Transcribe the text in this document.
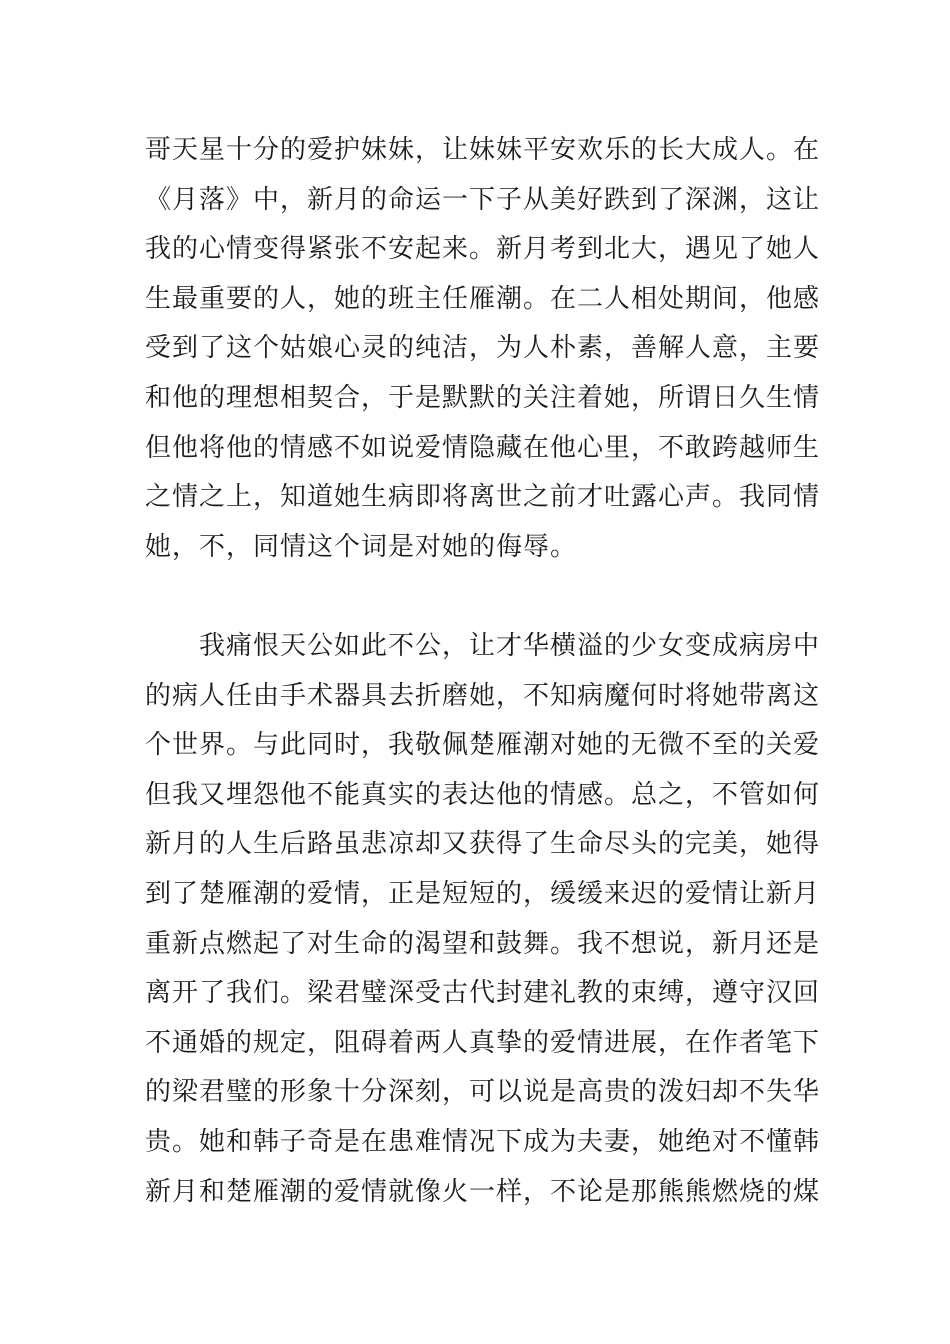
哥天星十分的爱护妹妹，让妹妹平安欢乐的长大成人。在
《月落》中，新月的命运一下子从美好跌到了深渊，这让
我的心情变得紧张不安起来。新月考到北大，遇见了她人
生最重要的人，她的班主任雁潮。在二人相处期间，他感
受到了这个姑娘心灵的纯洁，为人朴素，善解人意，主要
和他的理想相契合，于是默默的关注着她，所谓日久生情
但他将他的情感不如说爱情隐藏在他心里，不敢跨越师生
之情之上，知道她生病即将离世之前才吐露心声。我同情
她，不，同情这个词是对她的侮辱。
　　我痛恨天公如此不公，让才华横溢的少女变成病房中
的病人任由手术器具去折磨她，不知病魔何时将她带离这
个世界。与此同时，我敬佩楚雁潮对她的无微不至的关爱
但我又埋怨他不能真实的表达他的情感。总之，不管如何
新月的人生后路虽悲凉却又获得了生命尽头的完美，她得
到了楚雁潮的爱情，正是短短的，缓缓来迟的爱情让新月
重新点燃起了对生命的渴望和鼓舞。我不想说，新月还是
离开了我们。梁君璧深受古代封建礼教的束缚，遵守汉回
不通婚的规定，阻碍着两人真挚的爱情进展，在作者笔下
的梁君璧的形象十分深刻，可以说是高贵的泼妇却不失华
贵。她和韩子奇是在患难情况下成为夫妻，她绝对不懂韩
新月和楚雁潮的爱情就像火一样，不论是那熊熊燃烧的煤
